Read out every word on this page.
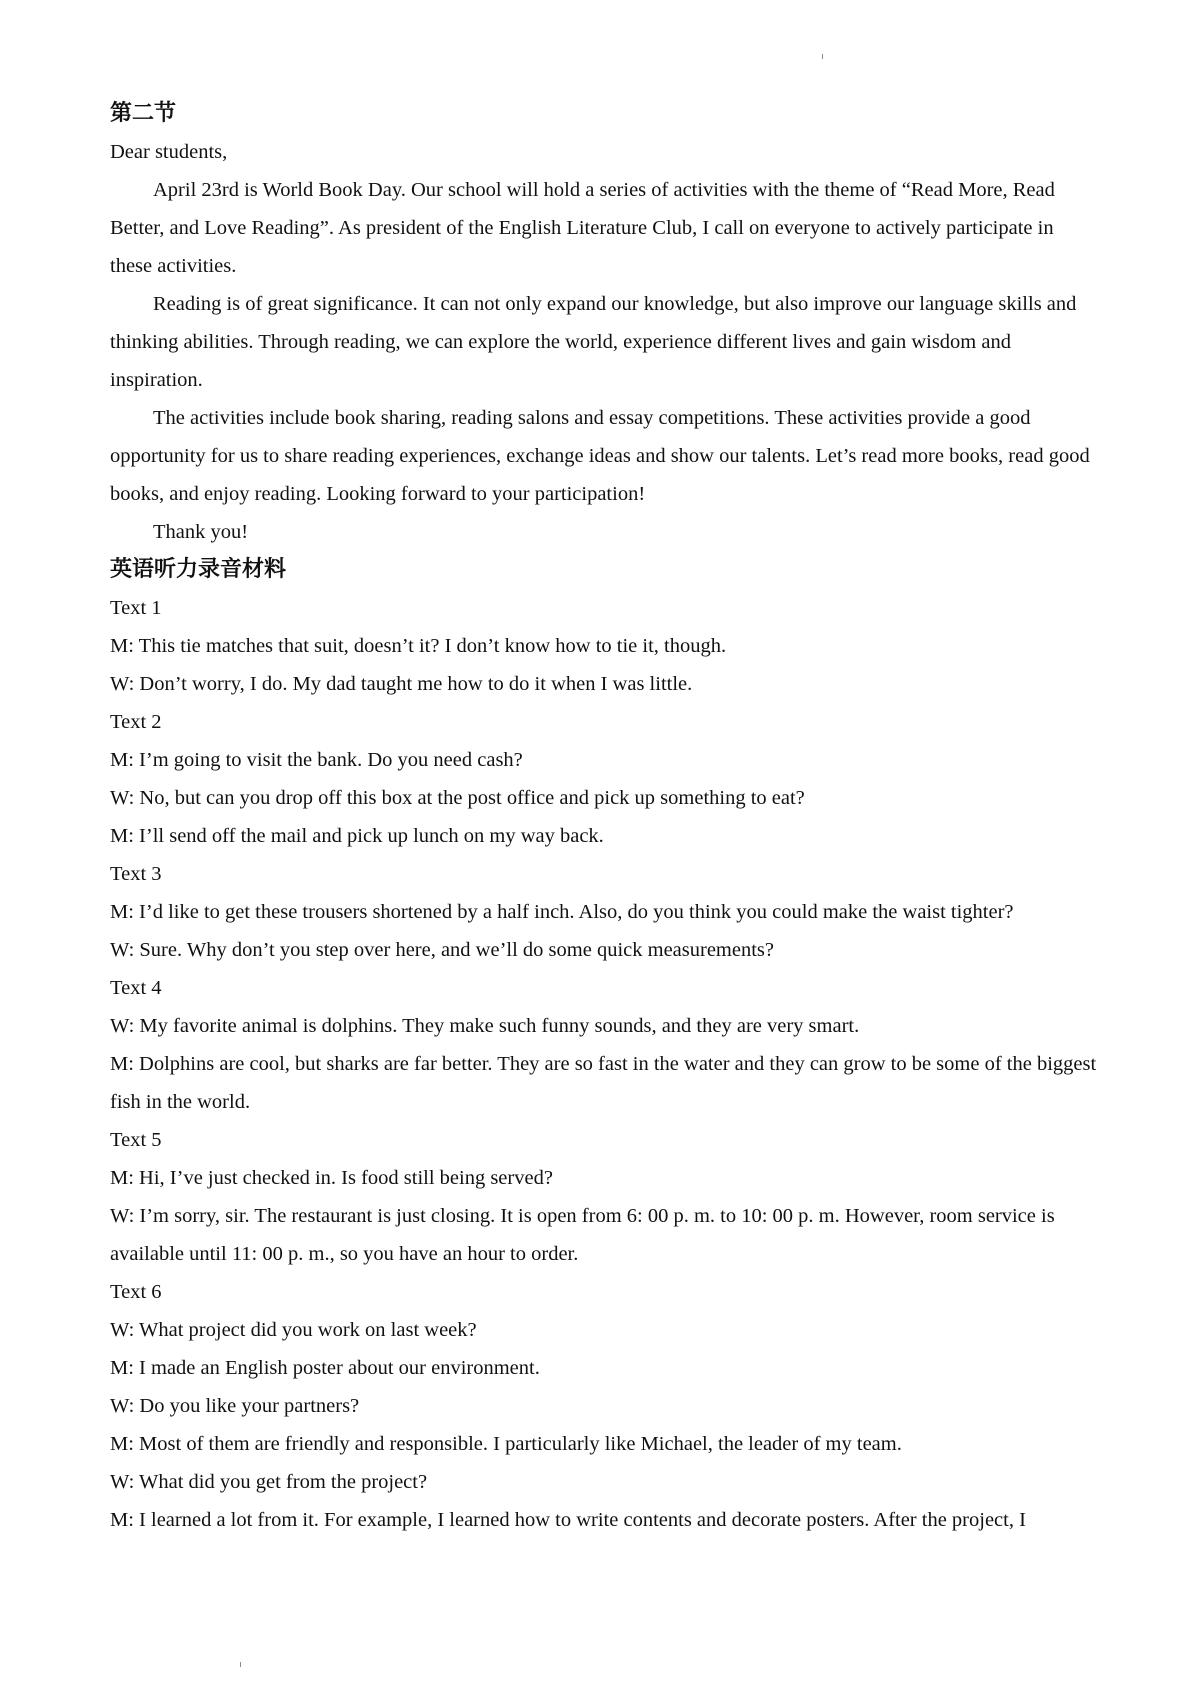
第二节

Dear students,

April 23rd is World Book Day. Our school will hold a series of activities with the theme of “Read More, Read Better, and Love Reading”. As president of the English Literature Club, I call on everyone to actively participate in these activities.

Reading is of great significance. It can not only expand our knowledge, but also improve our language skills and thinking abilities. Through reading, we can explore the world, experience different lives and gain wisdom and inspiration.

The activities include book sharing, reading salons and essay competitions. These activities provide a good opportunity for us to share reading experiences, exchange ideas and show our talents. Let’s read more books, read good books, and enjoy reading. Looking forward to your participation!

Thank you!

英语听力录音材料

Text 1

M: This tie matches that suit, doesn’t it? I don’t know how to tie it, though.

W: Don’t worry, I do. My dad taught me how to do it when I was little.

Text 2

M: I’m going to visit the bank. Do you need cash?

W: No, but can you drop off this box at the post office and pick up something to eat?

M: I’ll send off the mail and pick up lunch on my way back.

Text 3

M: I’d like to get these trousers shortened by a half inch. Also, do you think you could make the waist tighter?

W: Sure. Why don’t you step over here, and we’ll do some quick measurements?

Text 4

W: My favorite animal is dolphins. They make such funny sounds, and they are very smart.

M: Dolphins are cool, but sharks are far better. They are so fast in the water and they can grow to be some of the biggest fish in the world.

Text 5

M: Hi, I’ve just checked in. Is food still being served?

W: I’m sorry, sir. The restaurant is just closing. It is open from 6: 00 p. m. to 10: 00 p. m. However, room service is available until 11: 00 p. m., so you have an hour to order.

Text 6

W: What project did you work on last week?

M: I made an English poster about our environment.

W: Do you like your partners?

M: Most of them are friendly and responsible. I particularly like Michael, the leader of my team.

W: What did you get from the project?

M: I learned a lot from it. For example, I learned how to write contents and decorate posters. After the project, I
